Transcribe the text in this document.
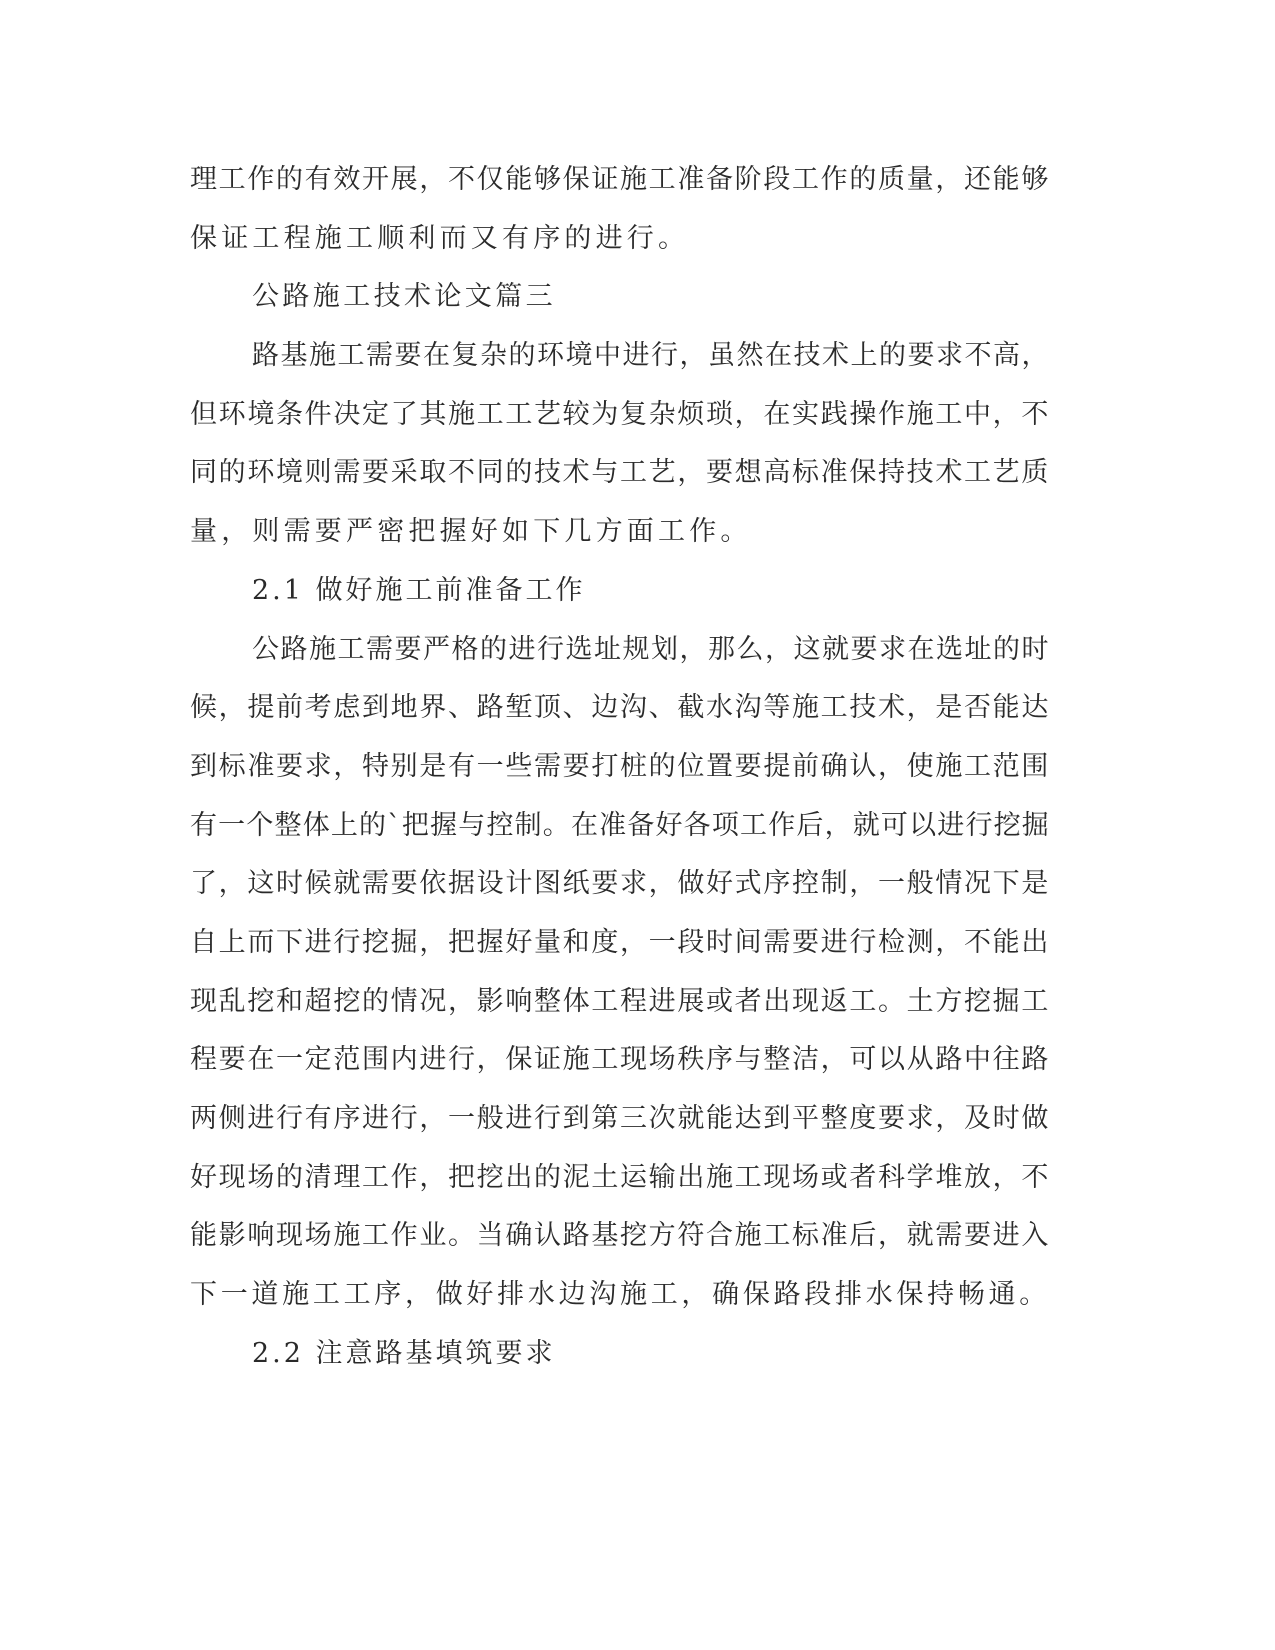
理工作的有效开展，不仅能够保证施工准备阶段工作的质量，还能够

保证工程施工顺利而又有序的进行。

公路施工技术论文篇三

路基施工需要在复杂的环境中进行，虽然在技术上的要求不高，

但环境条件决定了其施工工艺较为复杂烦琐，在实践操作施工中，不

同的环境则需要采取不同的技术与工艺，要想高标准保持技术工艺质

量，则需要严密把握好如下几方面工作。

2.1 做好施工前准备工作

公路施工需要严格的进行选址规划，那么，这就要求在选址的时

候，提前考虑到地界、路堑顶、边沟、截水沟等施工技术，是否能达

到标准要求，特别是有一些需要打桩的位置要提前确认，使施工范围

有一个整体上的`把握与控制。在准备好各项工作后，就可以进行挖掘

了，这时候就需要依据设计图纸要求，做好式序控制，一般情况下是

自上而下进行挖掘，把握好量和度，一段时间需要进行检测，不能出

现乱挖和超挖的情况，影响整体工程进展或者出现返工。土方挖掘工

程要在一定范围内进行，保证施工现场秩序与整洁，可以从路中往路

两侧进行有序进行，一般进行到第三次就能达到平整度要求，及时做

好现场的清理工作，把挖出的泥土运输出施工现场或者科学堆放，不

能影响现场施工作业。当确认路基挖方符合施工标准后，就需要进入

下一道施工工序，做好排水边沟施工，确保路段排水保持畅通。

2.2 注意路基填筑要求
